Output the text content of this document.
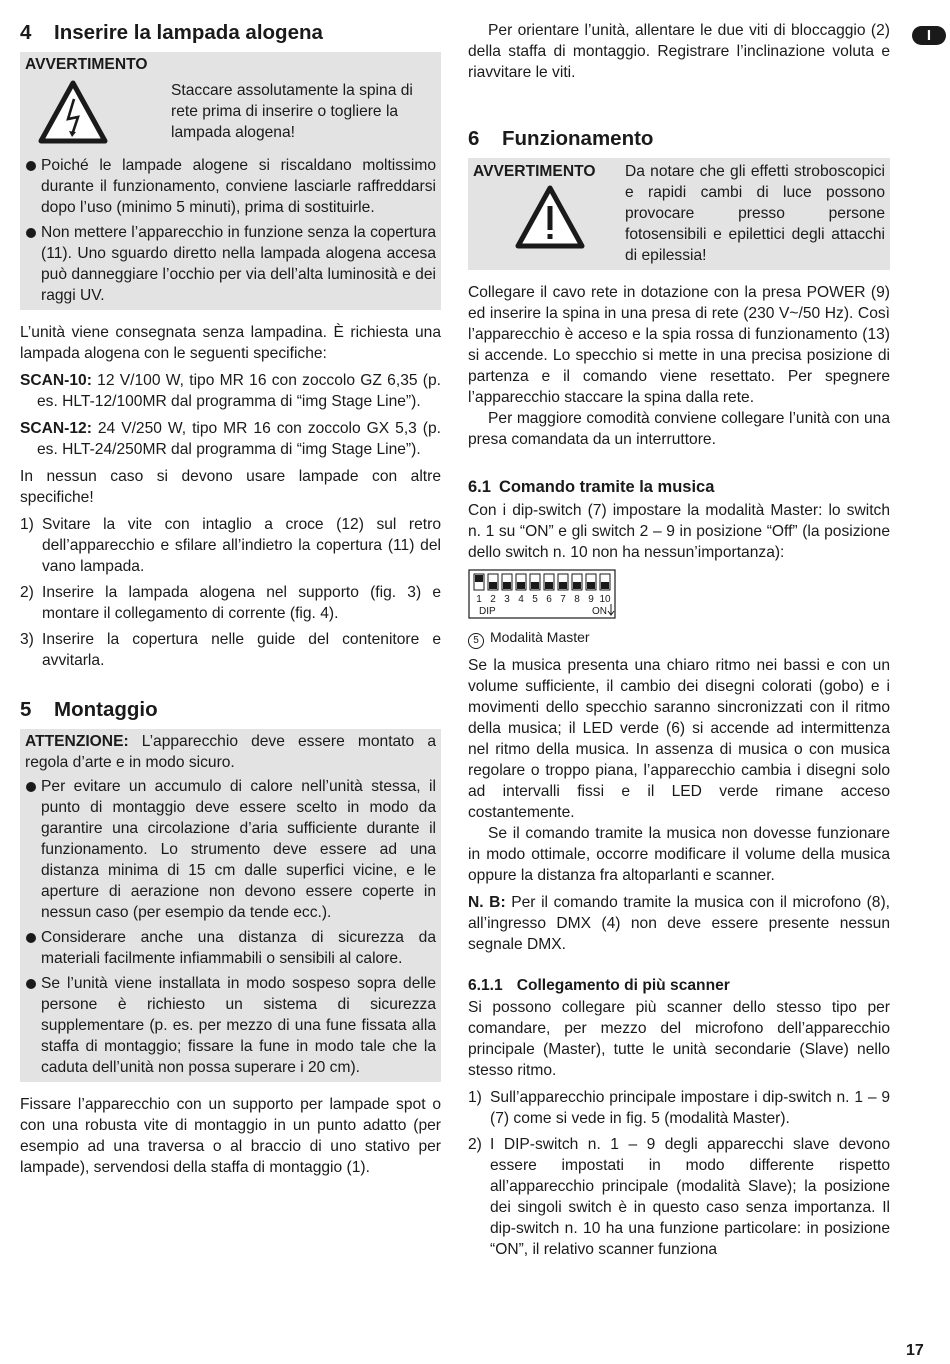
I
4 Inserire la lampada alogena
AVVERTIMENTO

Staccare assolutamente la spina di rete prima di inserire o togliere la lampada alogena!

Poiché le lampade alogene si riscaldano moltissimo durante il funzionamento, conviene lasciarle raffreddarsi dopo l’uso (minimo 5 minuti), prima di sostituirle.
Non mettere l’apparecchio in funzione senza la copertura (11). Uno sguardo diretto nella lampada alogena accesa può danneggiare l’occhio per via dell’alta luminosità e dei raggi UV.

L’unità viene consegnata senza lampadina. È richiesta una lampada alogena con le seguenti specifiche:

SCAN-10: 12 V/100 W, tipo MR 16 con zoccolo GZ 6,35 (p. es. HLT-12/100MR dal programma di “img Stage Line”).

SCAN-12: 24 V/250 W, tipo MR 16 con zoccolo GX 5,3 (p. es. HLT-24/250MR dal programma di “img Stage Line”).

In nessun caso si devono usare lampade con altre specifiche!

1) Svitare la vite con intaglio a croce (12) sul retro dell’apparecchio e sfilare all’indietro la copertura (11) del vano lampada.
2) Inserire la lampada alogena nel supporto (fig. 3) e montare il collegamento di corrente (fig. 4).
3) Inserire la copertura nelle guide del contenitore e avvitarla.
5 Montaggio

ATTENZIONE: L’apparecchio deve essere montato a regola d’arte e in modo sicuro.

Per evitare un accumulo di calore nell’unità stessa, il punto di montaggio deve essere scelto in modo da garantire una circolazione d’aria sufficiente durante il funzionamento. Lo strumento deve essere ad una distanza minima di 15 cm dalle superfici vicine, e le aperture di aerazione non devono essere coperte in nessun caso (per esempio da tende ecc.).
Considerare anche una distanza di sicurezza da materiali facilmente infiammabili o sensibili al calore.
Se l’unità viene installata in modo sospeso sopra delle persone è richiesto un sistema di sicurezza supplementare (p. es. per mezzo di una fune fissata alla staffa di montaggio; fissare la fune in modo tale che la caduta dell’unità non possa superare i 20 cm).

Fissare l’apparecchio con un supporto per lampade spot o con una robusta vite di montaggio in un punto adatto (per esempio ad una traversa o al braccio di uno stativo per lampade), servendosi della staffa di montaggio (1).

Per orientare l’unità, allentare le due viti di bloccaggio (2) della staffa di montaggio. Registrare l’inclinazione voluta e riavvitare le viti.

6 Funzionamento
AVVERTIMENTO	Da notare che gli effetti stroboscopici e rapidi cambi di luce possono provocare presso persone fotosensibili e epilettici degli attacchi di epilessia!

Collegare il cavo rete in dotazione con la presa POWER (9) ed inserire la spina in una presa di rete (230 V~/50 Hz). Così l’apparecchio è acceso e la spia rossa di funzionamento (13) si accende. Lo specchio si mette in una precisa posizione di partenza e il comando viene resettato. Per spegnere l’apparecchio staccare la spina dalla rete.

Per maggiore comodità conviene collegare l’unità con una presa comandata da un interruttore.

6.1 Comando tramite la musica

Con i dip-switch (7) impostare la modalità Master: lo switch n. 1 su “ON” e gli switch 2 – 9 in posizione “Off” (la posizione dello switch n. 10 non ha nessun’importanza):

1 2 3 4 5 6 7 8 9 10
DIP	ON
5 Modalità Master

Se la musica presenta una chiaro ritmo nei bassi e con un volume sufficiente, il cambio dei disegni colorati (gobo) e i movimenti dello specchio saranno sincronizzati con il ritmo della musica; il LED verde (6) si accende ad intermittenza nel ritmo della musica. In assenza di musica o con musica regolare o troppo piana, l’apparecchio cambia i disegni solo ad intervalli fissi e il LED verde rimane acceso costantemente.

Se il comando tramite la musica non dovesse funzionare in modo ottimale, occorre modificare il volume della musica oppure la distanza fra altoparlanti e scanner.

N. B: Per il comando tramite la musica con il microfono (8), all’ingresso DMX (4) non deve essere presente nessun segnale DMX.

6.1.1 Collegamento di più scanner

Si possono collegare più scanner dello stesso tipo per comandare, per mezzo del microfono dell’apparecchio principale (Master), tutte le unità secondarie (Slave) nello stesso ritmo.

1) Sull’apparecchio principale impostare i dip-switch n. 1 – 9 (7) come si vede in fig. 5 (modalità Master).
2) I DIP-switch n. 1 – 9 degli apparecchi slave devono essere impostati in modo differente rispetto all’apparecchio principale (modalità Slave); la posizione dei singoli switch è in questo caso senza importanza. Il dip-switch n. 10 ha una funzione particolare: in posizione “ON”, il relativo scanner funziona
17
